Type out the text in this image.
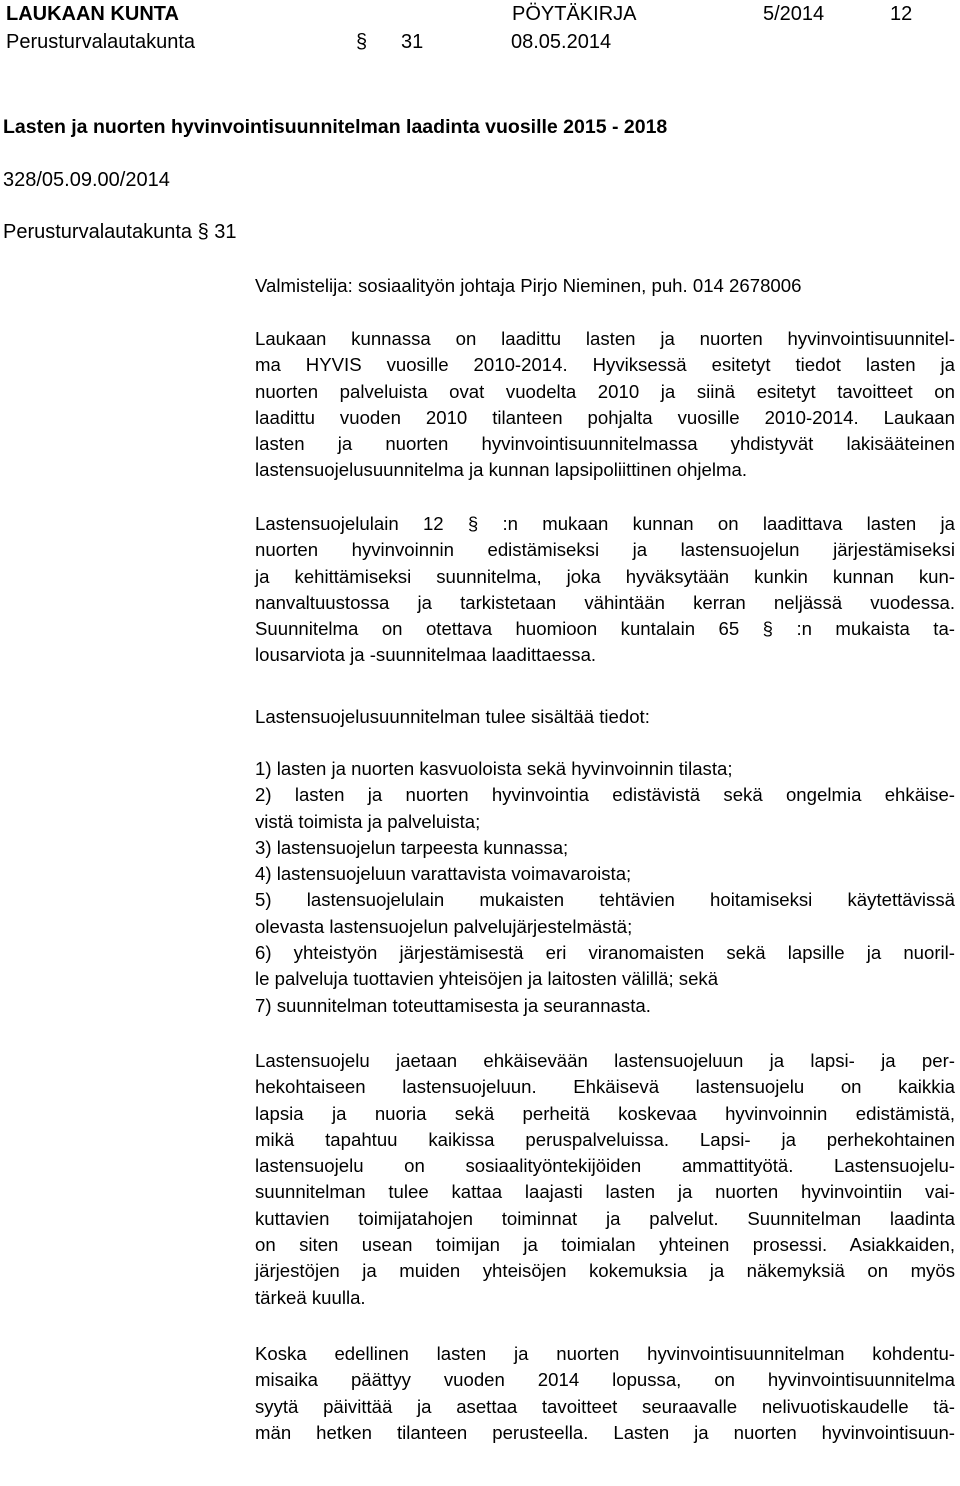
LAUKAAN KUNTA	PÖYTÄKIRJA	5/2014	12
Perusturvalautakunta	§ 31	08.05.2014
Lasten ja nuorten hyvinvointisuunnitelman laadinta vuosille 2015 - 2018
328/05.09.00/2014
Perusturvalautakunta § 31
Valmistelija: sosiaalityön johtaja Pirjo Nieminen, puh. 014 2678006
Laukaan kunnassa on laadittu lasten ja nuorten hyvinvointisuunnitel-
ma HYVIS vuosille 2010-2014. Hyviksessä esitetyt tiedot lasten ja
nuorten palveluista ovat vuodelta 2010 ja siinä esitetyt tavoitteet on
laadittu vuoden 2010 tilanteen pohjalta vuosille 2010-2014. Laukaan
lasten ja nuorten hyvinvointisuunnitelmassa yhdistyvät lakisääteinen
lastensuojelusuunnitelma ja kunnan lapsipoliittinen ohjelma.
Lastensuojelulain 12 § :n mukaan kunnan on laadittava lasten ja
nuorten hyvinvoinnin edistämiseksi ja lastensuojelun järjestämiseksi
ja kehittämiseksi suunnitelma, joka hyväksytään kunkin kunnan kun-
nanvaltuustossa ja tarkistetaan vähintään kerran neljässä vuodessa.
Suunnitelma on otettava huomioon kuntalain 65 § :n mukaista ta-
lousarviota ja -suunnitelmaa laadittaessa.
Lastensuojelusuunnitelman tulee sisältää tiedot:
1) lasten ja nuorten kasvuoloista sekä hyvinvoinnin tilasta;
2) lasten ja nuorten hyvinvointia edistävistä sekä ongelmia ehkäise-
vistä toimista ja palveluista;
3) lastensuojelun tarpeesta kunnassa;
4) lastensuojeluun varattavista voimavaroista;
5) lastensuojelulain mukaisten tehtävien hoitamiseksi käytettävissä
olevasta lastensuojelun palvelujärjestelmästä;
6) yhteistyön järjestämisestä eri viranomaisten sekä lapsille ja nuoril-
le palveluja tuottavien yhteisöjen ja laitosten välillä; sekä
7) suunnitelman toteuttamisesta ja seurannasta.
Lastensuojelu jaetaan ehkäisevään lastensuojeluun ja lapsi- ja per-
hekohtaiseen lastensuojeluun. Ehkäisevä lastensuojelu on kaikkia
lapsia ja nuoria sekä perheitä koskevaa hyvinvoinnin edistämistä,
mikä tapahtuu kaikissa peruspalveluissa. Lapsi- ja perhekohtainen
lastensuojelu on sosiaalityöntekijöiden ammattityötä. Lastensuojelu-
suunnitelman tulee kattaa laajasti lasten ja nuorten hyvinvointiin vai-
kuttavien toimijatahojen toiminnat ja palvelut. Suunnitelman laadinta
on siten usean toimijan ja toimialan yhteinen prosessi. Asiakkaiden,
järjestöjen ja muiden yhteisöjen kokemuksia ja näkemyksiä on myös
tärkeä kuulla.
Koska edellinen lasten ja nuorten hyvinvointisuunnitelman kohdentu-
misaika päättyy vuoden 2014 lopussa, on hyvinvointisuunnitelma
syytä päivittää ja asettaa tavoitteet seuraavalle nelivuotiskaudelle tä-
män hetken tilanteen perusteella. Lasten ja nuorten hyvinvointisuun-
